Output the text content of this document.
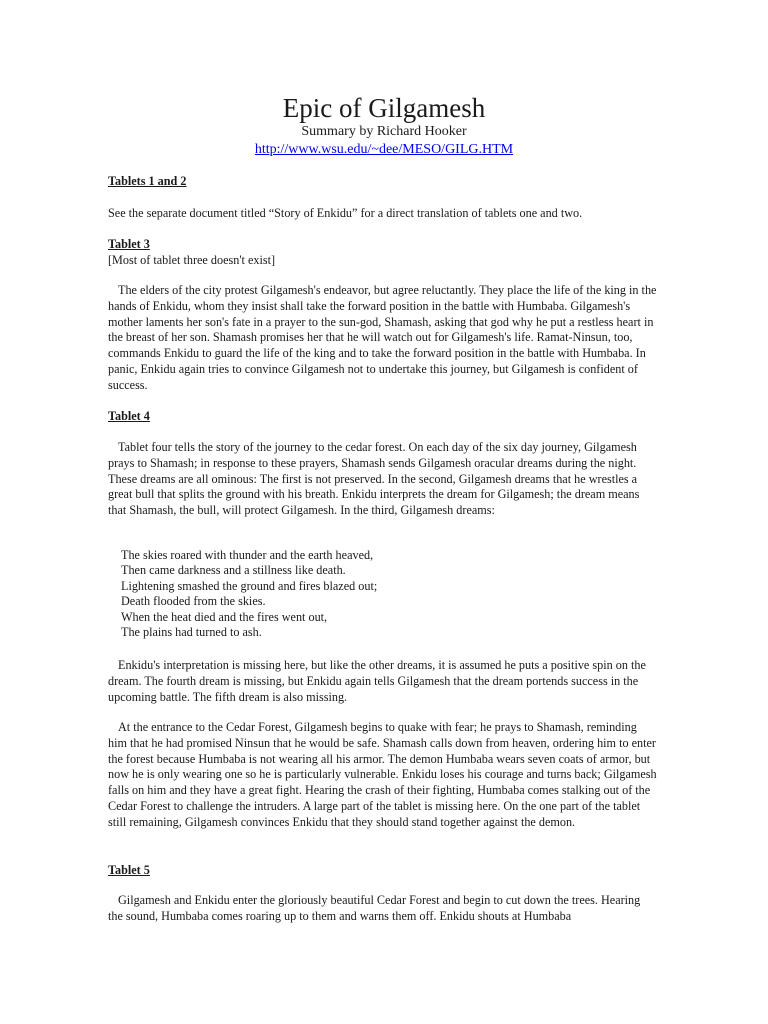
Epic of Gilgamesh
Summary by Richard Hooker
http://www.wsu.edu/~dee/MESO/GILG.HTM
Tablets 1 and 2

See the separate document titled “Story of Enkidu” for a direct translation of tablets one and two.

Tablet 3
[Most of tablet three doesn't exist]

The elders of the city protest Gilgamesh's endeavor, but agree reluctantly. They place the life of the king in the hands of Enkidu, whom they insist shall take the forward position in the battle with Humbaba. Gilgamesh's mother laments her son's fate in a prayer to the sun-god, Shamash, asking that god why he put a restless heart in the breast of her son. Shamash promises her that he will watch out for Gilgamesh's life. Ramat-Ninsun, too, commands Enkidu to guard the life of the king and to take the forward position in the battle with Humbaba. In panic, Enkidu again tries to convince Gilgamesh not to undertake this journey, but Gilgamesh is confident of success.

Tablet 4

Tablet four tells the story of the journey to the cedar forest. On each day of the six day journey, Gilgamesh prays to Shamash; in response to these prayers, Shamash sends Gilgamesh oracular dreams during the night. These dreams are all ominous: The first is not preserved. In the second, Gilgamesh dreams that he wrestles a great bull that splits the ground with his breath. Enkidu interprets the dream for Gilgamesh; the dream means that Shamash, the bull, will protect Gilgamesh. In the third, Gilgamesh dreams:

The skies roared with thunder and the earth heaved,
Then came darkness and a stillness like death.
Lightening smashed the ground and fires blazed out;
Death flooded from the skies.
When the heat died and the fires went out,
The plains had turned to ash.

Enkidu's interpretation is missing here, but like the other dreams, it is assumed he puts a positive spin on the dream. The fourth dream is missing, but Enkidu again tells Gilgamesh that the dream portends success in the upcoming battle. The fifth dream is also missing.

At the entrance to the Cedar Forest, Gilgamesh begins to quake with fear; he prays to Shamash, reminding him that he had promised Ninsun that he would be safe. Shamash calls down from heaven, ordering him to enter the forest because Humbaba is not wearing all his armor. The demon Humbaba wears seven coats of armor, but now he is only wearing one so he is particularly vulnerable. Enkidu loses his courage and turns back; Gilgamesh falls on him and they have a great fight. Hearing the crash of their fighting, Humbaba comes stalking out of the Cedar Forest to challenge the intruders. A large part of the tablet is missing here. On the one part of the tablet still remaining, Gilgamesh convinces Enkidu that they should stand together against the demon.

Tablet 5

Gilgamesh and Enkidu enter the gloriously beautiful Cedar Forest and begin to cut down the trees. Hearing the sound, Humbaba comes roaring up to them and warns them off. Enkidu shouts at Humbaba
